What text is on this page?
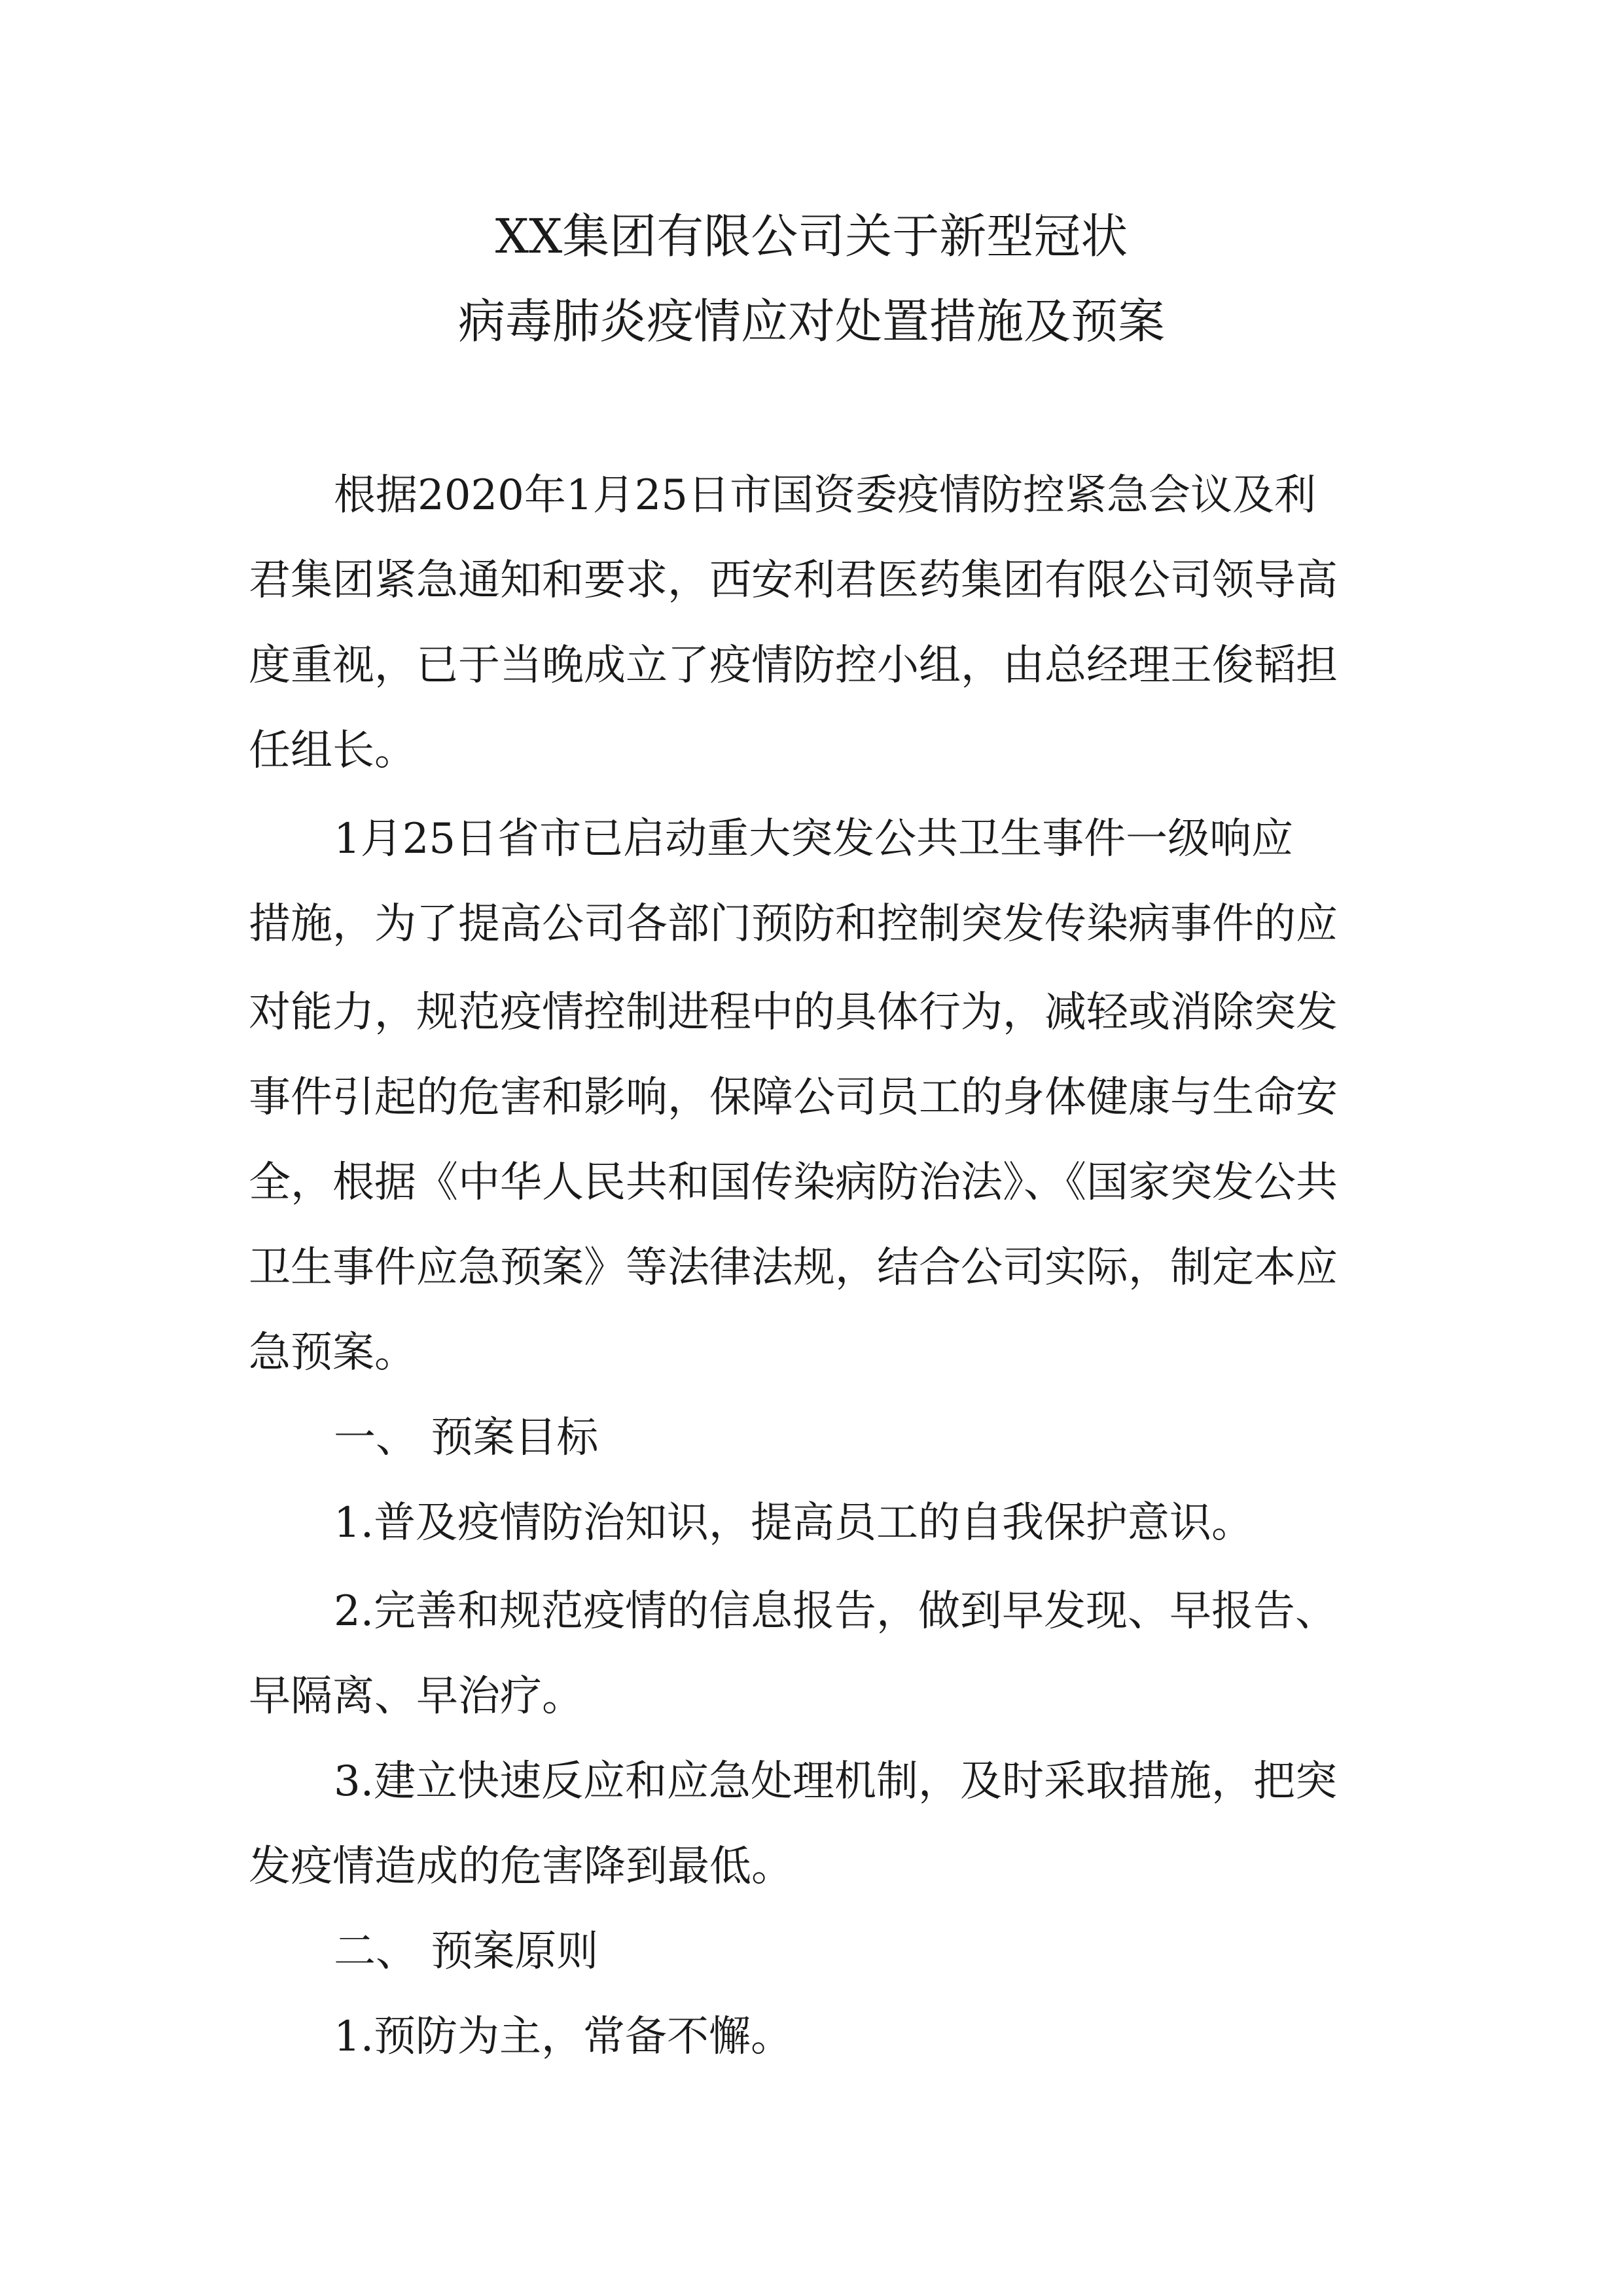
XX集团有限公司关于新型冠状
病毒肺炎疫情应对处置措施及预案
根据2020年1月25日市国资委疫情防控紧急会议及利
君集团紧急通知和要求，西安利君医药集团有限公司领导高
度重视，已于当晚成立了疫情防控小组，由总经理王俊韬担
任组长。
1月25日省市已启动重大突发公共卫生事件一级响应
措施，为了提高公司各部门预防和控制突发传染病事件的应
对能力，规范疫情控制进程中的具体行为，减轻或消除突发
事件引起的危害和影响，保障公司员工的身体健康与生命安
全，根据《中华人民共和国传染病防治法》、《国家突发公共
卫生事件应急预案》等法律法规，结合公司实际，制定本应
急预案。
一、 预案目标
1.普及疫情防治知识，提高员工的自我保护意识。
2.完善和规范疫情的信息报告，做到早发现、早报告、
早隔离、早治疗。
3.建立快速反应和应急处理机制，及时采取措施，把突
发疫情造成的危害降到最低。
二、 预案原则
1.预防为主，常备不懈。
